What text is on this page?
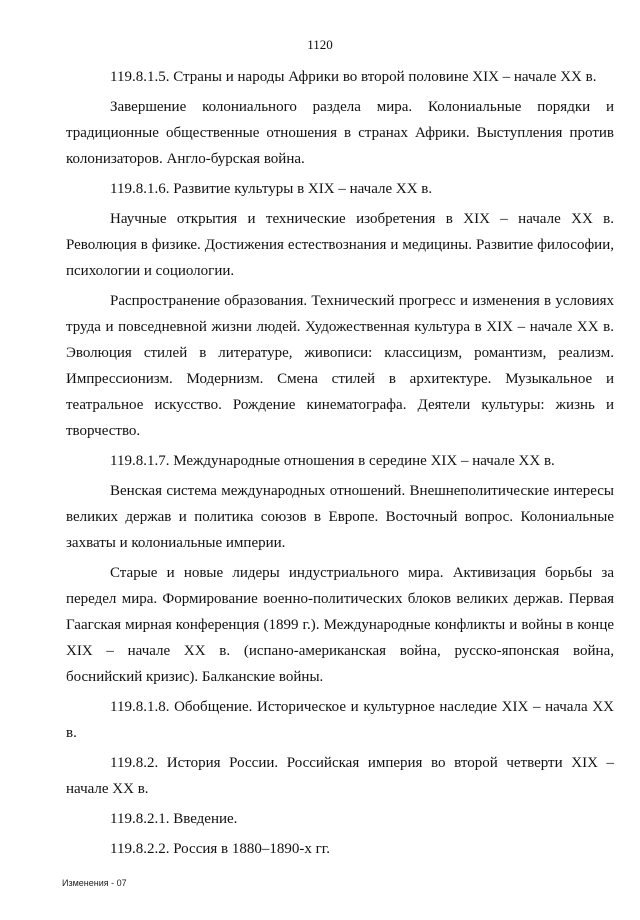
1120

119.8.1.5. Страны и народы Африки во второй половине XIX – начале XX в.

Завершение колониального раздела мира. Колониальные порядки и традиционные общественные отношения в странах Африки. Выступления против колонизаторов. Англо-бурская война.

119.8.1.6. Развитие культуры в XIX – начале XX в.

Научные открытия и технические изобретения в XIX – начале XX в. Революция в физике. Достижения естествознания и медицины. Развитие философии, психологии и социологии.

Распространение образования. Технический прогресс и изменения в условиях труда и повседневной жизни людей. Художественная культура в XIX – начале XX в. Эволюция стилей в литературе, живописи: классицизм, романтизм, реализм. Импрессионизм. Модернизм. Смена стилей в архитектуре. Музыкальное и театральное искусство. Рождение кинематографа. Деятели культуры: жизнь и творчество.

119.8.1.7. Международные отношения в середине XIX – начале XX в.

Венская система международных отношений. Внешнеполитические интересы великих держав и политика союзов в Европе. Восточный вопрос. Колониальные захваты и колониальные империи.

Старые и новые лидеры индустриального мира. Активизация борьбы за передел мира. Формирование военно-политических блоков великих держав. Первая Гаагская мирная конференция (1899 г.). Международные конфликты и войны в конце XIX – начале XX в. (испано-американская война, русско-японская война, боснийский кризис). Балканские войны.

119.8.1.8. Обобщение. Историческое и культурное наследие XIX – начала XX в.

119.8.2. История России. Российская империя во второй четверти XIX – начале XX в.

119.8.2.1. Введение.

119.8.2.2. Россия в 1880–1890-х гг.

Изменения - 07
